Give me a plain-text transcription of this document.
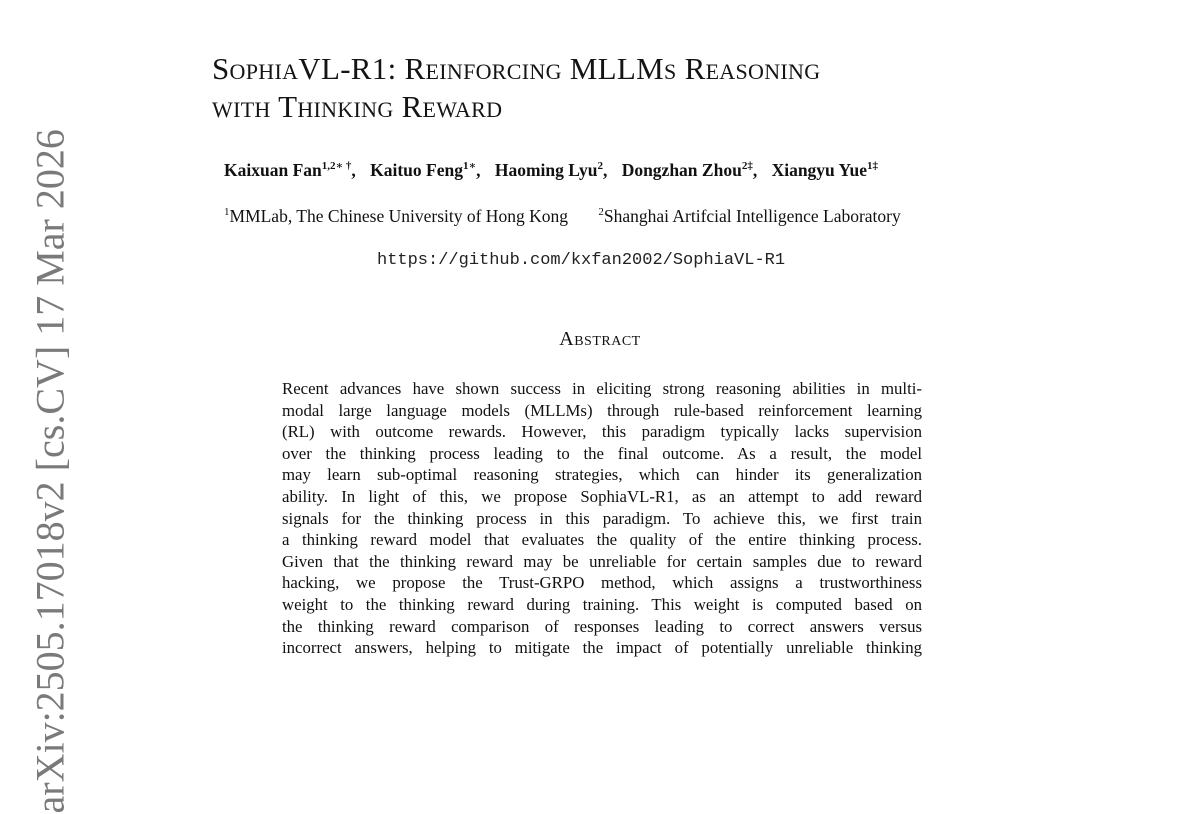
SophiaVL-R1: Reinforcing MLLMs Reasoning
with Thinking Reward
Kaixuan Fan$^{1,2∗ \dagger}$, Kaituo Feng$^{1∗}$, Haoming Lyu$^2$, Dongzhan Zhou$^{2\ddagger}$, Xiangyu Yue$^{1\ddagger}$
$^1$MMLab, The Chinese University of Hong Kong	$^2$Shanghai Artifcial Intelligence Laboratory
https://github.com/kxfan2002/SophiaVL-R1
Abstract
Recent advances have shown success in eliciting strong reasoning abilities in multi-
modal large language models (MLLMs) through rule-based reinforcement learning
(RL) with outcome rewards. However, this paradigm typically lacks supervision
over the thinking process leading to the final outcome. As a result, the model
may learn sub-optimal reasoning strategies, which can hinder its generalization
ability. In light of this, we propose SophiaVL-R1, as an attempt to add reward
signals for the thinking process in this paradigm. To achieve this, we first train
a thinking reward model that evaluates the quality of the entire thinking process.
Given that the thinking reward may be unreliable for certain samples due to reward
hacking, we propose the Trust-GRPO method, which assigns a trustworthiness
weight to the thinking reward during training. This weight is computed based on
the thinking reward comparison of responses leading to correct answers versus
incorrect answers, helping to mitigate the impact of potentially unreliable thinking
arXiv:2505.17018v2 [cs.CV] 17 Mar 2026
